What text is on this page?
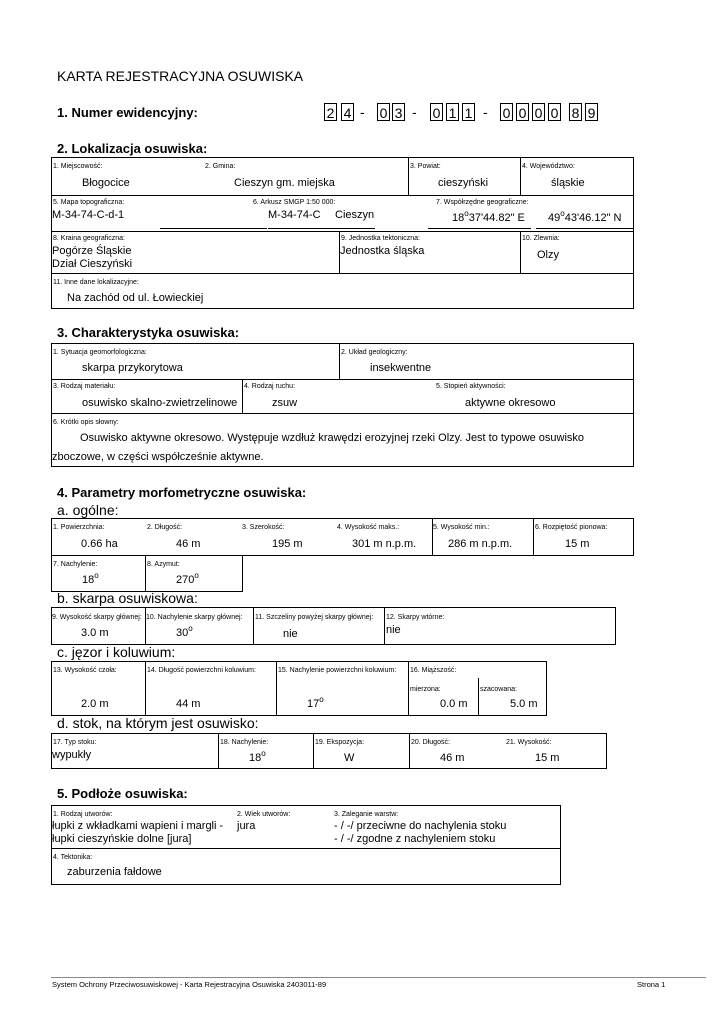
KARTA REJESTRACYJNA OSUWISKA
1. Numer ewidencyjny:	2 4 - 0 3 - 0 1 1 - 0 0 0 0 8 9
2. Lokalizacja osuwiska:
1. Miejscowość:
Błogocice
2. Gmina:
Cieszyn gm. miejska
3. Powiat:
cieszyński
4. Województwo:
śląskie
5. Mapa topograficzna:
M-34-74-C-d-1
6. Arkusz SMGP 1:50 000:
M-34-74-C Cieszyn
7. Współrzędne geograficzne:
18$^o$37'44.82" E 49$^o$43'46.12" N
8. Kraina geograficzna:
Pogórze Śląskie
Dział Cieszyński
9. Jednostka tektoniczna:
Jednostka śląska
10. Zlewnia:
Olzy
11. Inne dane lokalizacyjne:
Na zachód od ul. Łowieckiej
3. Charakterystyka osuwiska:
1. Sytuacja geomorfologiczna:
skarpa przykorytowa
2. Układ geologiczny:
insekwentne
3. Rodzaj materiału:
osuwisko skalno-zwietrzelinowe
4. Rodzaj ruchu:
zsuw
5. Stopień aktywności:
aktywne okresowo
6. Krótki opis słowny:
Osuwisko aktywne okresowo. Występuje wzdłuż krawędzi erozyjnej rzeki Olzy. Jest to typowe osuwisko
zboczowe, w części współcześnie aktywne.
4. Parametry morfometryczne osuwiska:
a. ogólne:
1. Powierzchnia:
0.66 ha
2. Długość:
46 m
3. Szerokość:
195 m
4. Wysokość maks.:
301 m n.p.m.
5. Wysokość min.:
286 m n.p.m.
6. Rozpiętość pionowa:
15 m
7. Nachylenie:
18$^o$
8. Azymut:
270$^o$
b. skarpa osuwiskowa:
9. Wysokość skarpy głównej:
3.0 m
10. Nachylenie skarpy głównej:
30$^o$
11. Szczeliny powyżej skarpy głównej:
nie
12. Skarpy wtórne:
nie
c. jęzor i koluwium:
13. Wysokość czoła:
2.0 m
14. Długość powierzchni koluwium:
44 m
15. Nachylenie powierzchni koluwium:
17$^o$
16. Miąższość:
mierzona:
0.0 m
szacowana:
5.0 m
d. stok, na którym jest osuwisko:
17. Typ stoku:
wypukły
18. Nachylenie:
18$^o$
19. Ekspozycja:
W
20. Długość:
46 m
21. Wysokość:
15 m
5. Podłoże osuwiska:
1. Rodzaj utworów:
łupki z wkładkami wapieni i margli -
łupki cieszyńskie dolne [jura]
2. Wiek utworów:
jura
3. Zaleganie warstw:
- / -/ przeciwne do nachylenia stoku
- / -/ zgodne z nachyleniem stoku
4. Tektonika:
zaburzenia fałdowe
System Ochrony Przeciwosuwiskowej - Karta Rejestracyjna Osuwiska 2403011-89	Strona 1
